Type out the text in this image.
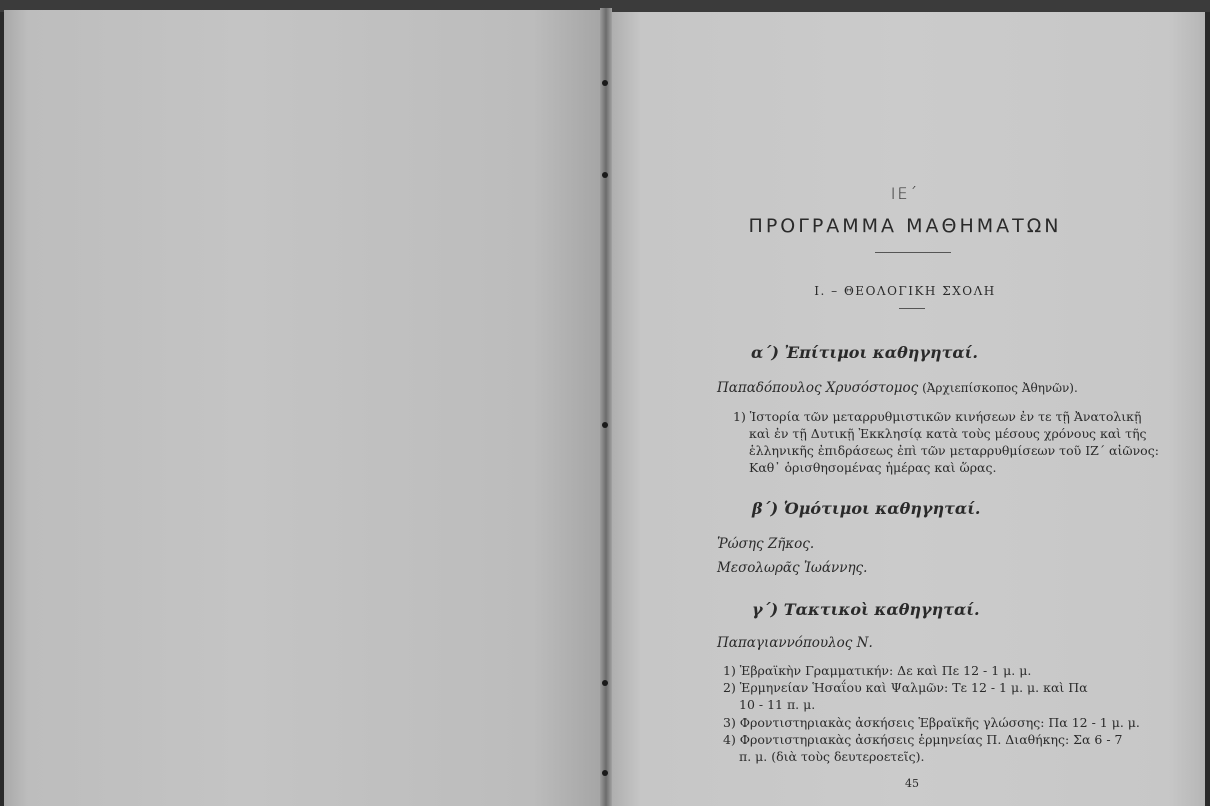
ΙΕ΄
ΠΡΟΓΡΑΜΜΑ ΜΑΘΗΜΑΤΩΝ
I. – ΘΕΟΛΟΓΙΚΗ ΣΧΟΛΗ
α΄) Ἐπίτιμοι καθηγηταί.
Παπαδόπουλος Χρυσόστομος (Ἀρχιεπίσκοπος Ἀθηνῶν).
1) Ἱστορία τῶν μεταρρυθμιστικῶν κινήσεων ἐν τε τῇ Ἀνατολικῇ
καὶ ἐν τῇ Δυτικῇ Ἐκκλησίᾳ κατὰ τοὺς μέσους χρόνους καὶ τῆς
ἑλληνικῆς ἐπιδράσεως ἐπὶ τῶν μεταρρυθμίσεων τοῦ ΙΖ΄ αἰῶνος:
Καθ᾽ ὁρισθησομένας ἡμέρας καὶ ὥρας.
β΄) Ὁμότιμοι καθηγηταί.
Ῥώσης Ζῆκος.
Μεσολωρᾶς Ἰωάννης.
γ΄) Τακτικοὶ καθηγηταί.
Παπαγιαννόπουλος Ν.
1) Ἑβραϊκὴν Γραμματικήν: Δε καὶ Πε 12 - 1 μ. μ.
2) Ἑρμηνείαν Ἡσαΐου καὶ Ψαλμῶν: Τε 12 - 1 μ. μ. καὶ Πα
10 - 11 π. μ.
3) Φροντιστηριακὰς ἀσκήσεις Ἑβραϊκῆς γλώσσης: Πα 12 - 1 μ. μ.
4) Φροντιστηριακὰς ἀσκήσεις ἑρμηνείας Π. Διαθήκης: Σα 6 - 7
π. μ. (διὰ τοὺς δευτεροετεῖς).
45
